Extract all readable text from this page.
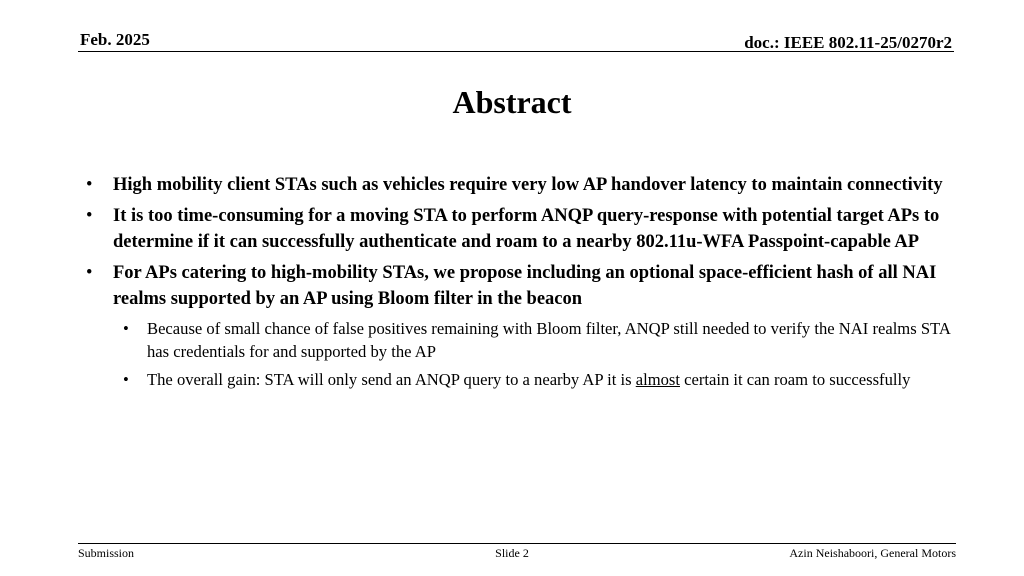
Feb. 2025	doc.: IEEE 802.11-25/0270r2
Abstract
• High mobility client STAs such as vehicles require very low AP handover latency to maintain connectivity
• It is too time-consuming for a moving STA to perform ANQP query-response with potential target APs to determine if it can successfully authenticate and roam to a nearby 802.11u-WFA Passpoint-capable AP
• For APs catering to high-mobility STAs, we propose including an optional space-efficient hash of all NAI realms supported by an AP using Bloom filter in the beacon
• Because of small chance of false positives remaining with Bloom filter, ANQP still needed to verify the NAI realms STA has credentials for and supported by the AP
• The overall gain: STA will only send an ANQP query to a nearby AP it is almost certain it can roam to successfully
Submission	Slide 2	Azin Neishaboori, General Motors
